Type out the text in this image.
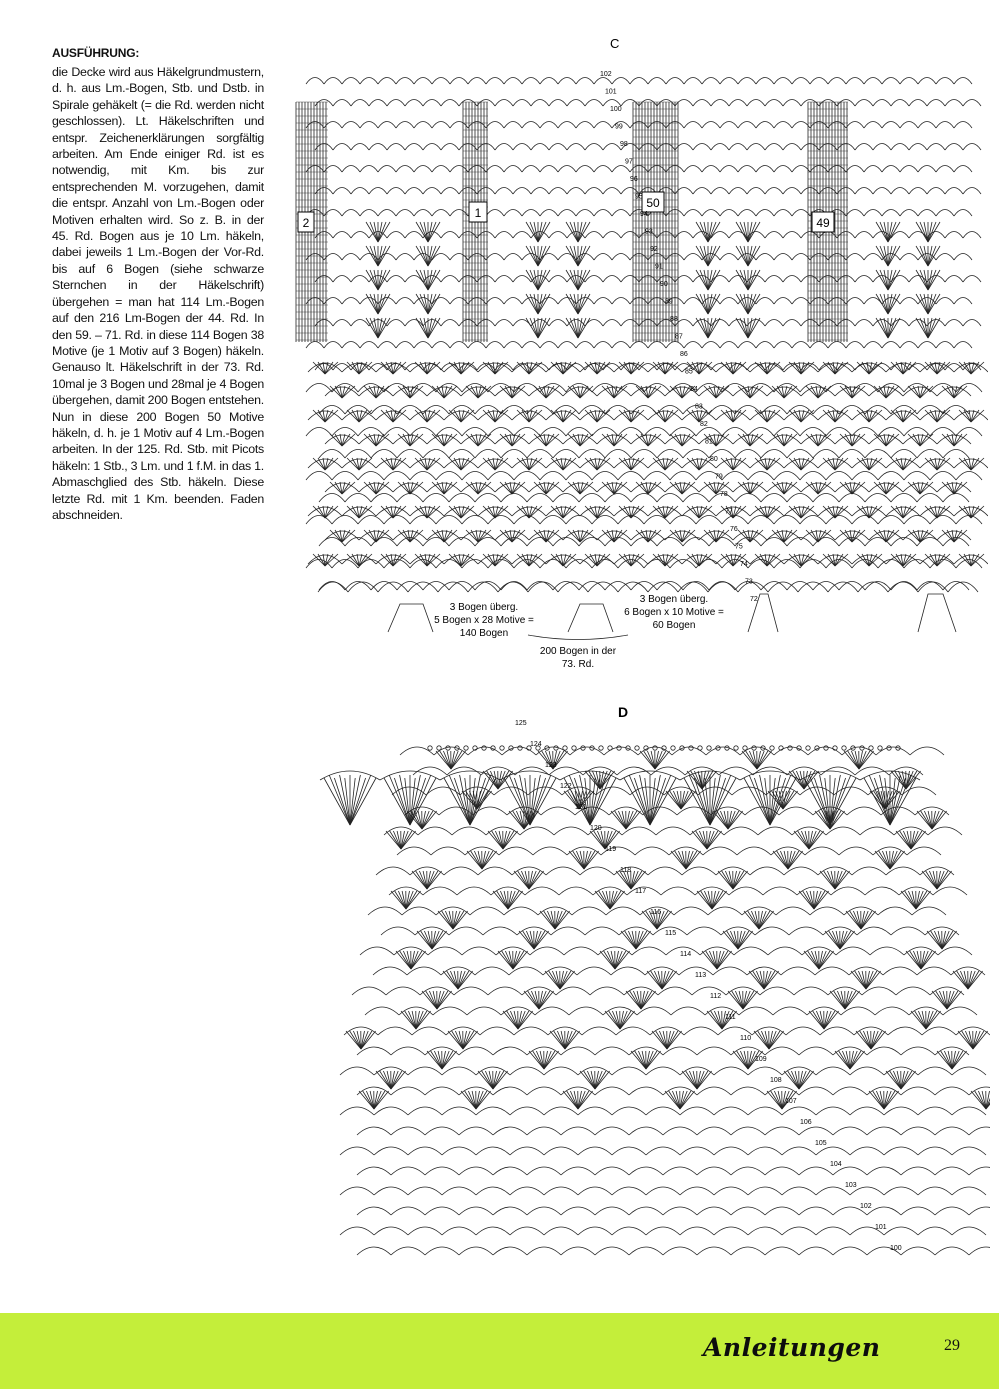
AUSFÜHRUNG:

die Decke wird aus Häkelgrundmustern, d. h. aus Lm.-Bogen, Stb. und Dstb. in Spirale gehäkelt (= die Rd. werden nicht geschlossen). Lt. Häkelschriften und entspr. Zeichenerklärungen sorgfältig arbeiten. Am Ende einiger Rd. ist es notwendig, mit Km. bis zur entsprechenden M. vorzugehen, damit die entspr. Anzahl von Lm.-Bogen oder Motiven erhalten wird. So z. B. in der 45. Rd. Bogen aus je 10 Lm. häkeln, dabei jeweils 1 Lm.-Bogen der Vor-Rd. bis auf 6 Bogen (siehe schwarze Sternchen in der Häkelschrift) übergehen = man hat 114 Lm.-Bogen auf den 216 Lm-Bogen der 44. Rd. In den 59. – 71. Rd. in diese 114 Bogen 38 Motive (je 1 Motiv auf 3 Bogen) häkeln. Genauso lt. Häkelschrift in der 73. Rd. 10mal je 3 Bogen und 28mal je 4 Bogen übergehen, damit 200 Bogen entstehen. Nun in diese 200 Bogen 50 Motive häkeln, d. h. je 1 Motiv auf 4 Lm.-Bogen arbeiten. In der 125. Rd. Stb. mit Picots häkeln: 1 Stb., 3 Lm. und 1 f.M. in das 1. Abmaschglied des Stb. häkeln. Diese letzte Rd. mit 1 Km. beenden. Faden abschneiden.

C
2
1
50
49
102
101
100
99
98
97
96
95
94
93
92
91
90
89
88
87
86
85
84
83
82
81
80
79
78
77
76
75
74
73
72
3 Bogen überg.
5 Bogen x 28 Motive =
140 Bogen
3 Bogen überg.
6 Bogen x 10 Motive =
60 Bogen
200 Bogen in der
73. Rd.
D
125
124
123
122
121
120
119
118
117
116
115
114
113
112
111
110
109
108
107
106
105
104
103
102
101
100
Anleitungen	29
